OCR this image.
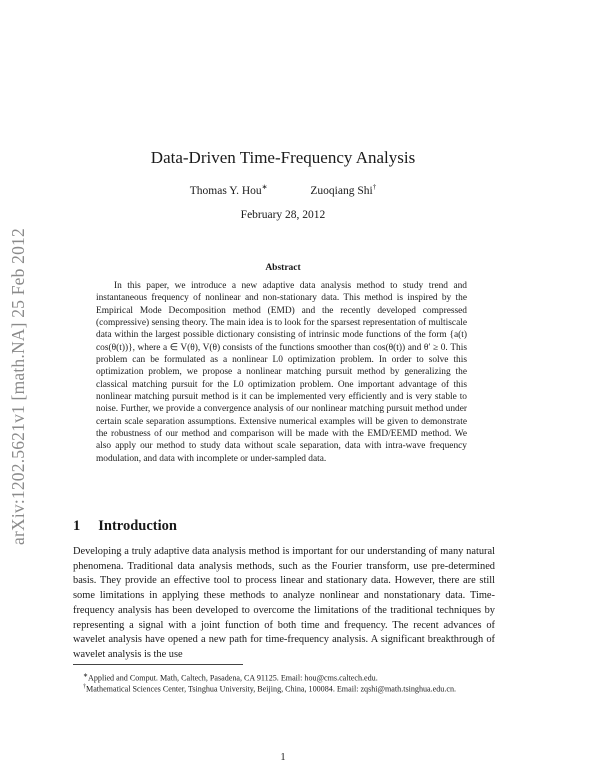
arXiv:1202.5621v1 [math.NA] 25 Feb 2012
Data-Driven Time-Frequency Analysis
Thomas Y. Hou∗	Zuoqiang Shi†
February 28, 2012
Abstract
In this paper, we introduce a new adaptive data analysis method to study trend and instantaneous frequency of nonlinear and non-stationary data. This method is inspired by the Empirical Mode Decomposition method (EMD) and the recently developed compressed (compressive) sensing theory. The main idea is to look for the sparsest representation of multiscale data within the largest possible dictionary consisting of intrinsic mode functions of the form {a(t) cos(θ(t))}, where a ∈ V(θ), V(θ) consists of the functions smoother than cos(θ(t)) and θ′ ≥ 0. This problem can be formulated as a nonlinear L0 optimization problem. In order to solve this optimization problem, we propose a nonlinear matching pursuit method by generalizing the classical matching pursuit for the L0 optimization problem. One important advantage of this nonlinear matching pursuit method is it can be implemented very efficiently and is very stable to noise. Further, we provide a convergence analysis of our nonlinear matching pursuit method under certain scale separation assumptions. Extensive numerical examples will be given to demonstrate the robustness of our method and comparison will be made with the EMD/EEMD method. We also apply our method to study data without scale separation, data with intra-wave frequency modulation, and data with incomplete or under-sampled data.
1 Introduction
Developing a truly adaptive data analysis method is important for our understanding of many natural phenomena. Traditional data analysis methods, such as the Fourier transform, use pre-determined basis. They provide an effective tool to process linear and stationary data. However, there are still some limitations in applying these methods to analyze nonlinear and nonstationary data. Time-frequency analysis has been developed to overcome the limitations of the traditional techniques by representing a signal with a joint function of both time and frequency. The recent advances of wavelet analysis have opened a new path for time-frequency analysis. A significant breakthrough of wavelet analysis is the use
∗Applied and Comput. Math, Caltech, Pasadena, CA 91125. Email: hou@cms.caltech.edu.
†Mathematical Sciences Center, Tsinghua University, Beijing, China, 100084. Email: zqshi@math.tsinghua.edu.cn.
1
